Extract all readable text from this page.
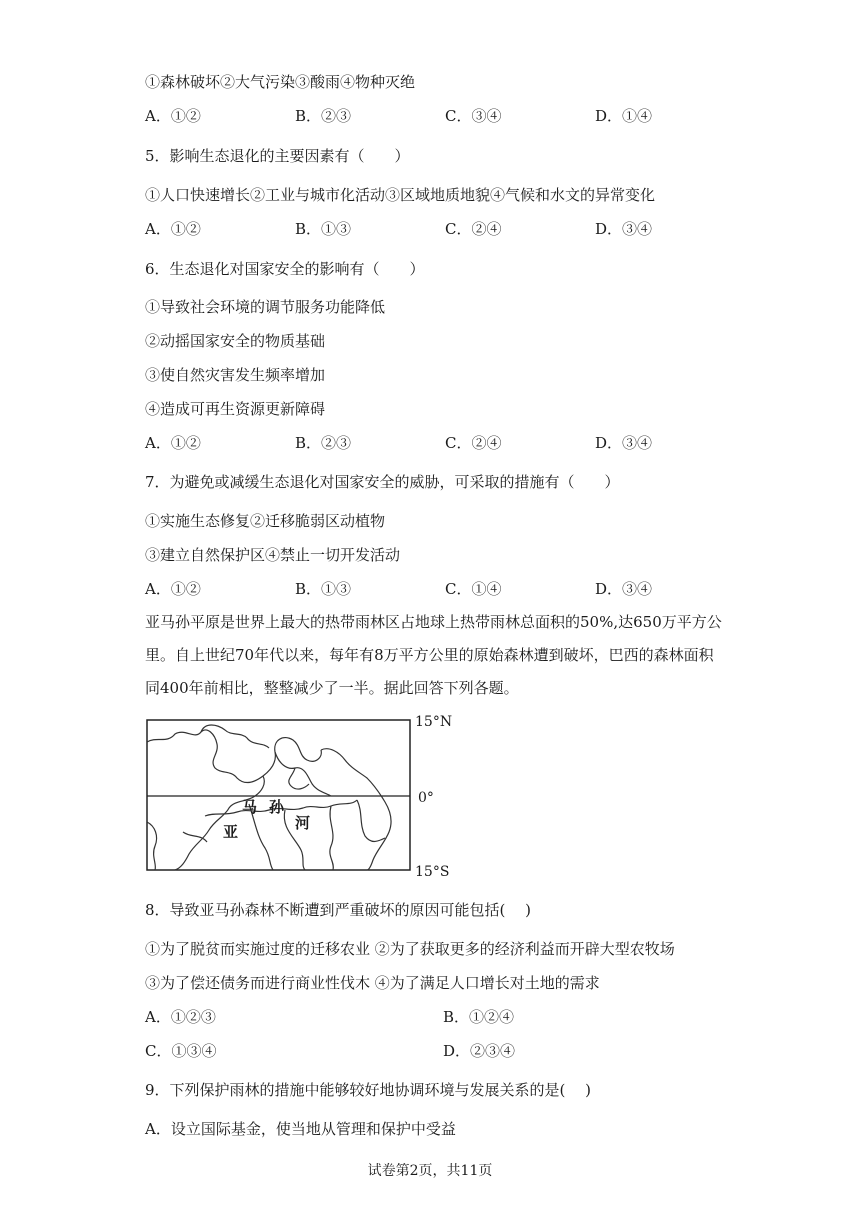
①森林破坏②大气污染③酸雨④物种灭绝
A．①②	B．②③	C．③④	D．①④
5．影响生态退化的主要因素有（　　）
①人口快速增长②工业与城市化活动③区域地质地貌④气候和水文的异常变化
A．①②	B．①③	C．②④	D．③④
6．生态退化对国家安全的影响有（　　）
①导致社会环境的调节服务功能降低
②动摇国家安全的物质基础
③使自然灾害发生频率增加
④造成可再生资源更新障碍
A．①②	B．②③	C．②④	D．③④
7．为避免或减缓生态退化对国家安全的威胁，可采取的措施有（　　）
①实施生态修复②迁移脆弱区动植物
③建立自然保护区④禁止一切开发活动
A．①②	B．①③	C．①④	D．③④
亚马孙平原是世界上最大的热带雨林区占地球上热带雨林总面积的50%,达650万平方公里。自上世纪70年代以来，每年有8万平方公里的原始森林遭到破坏，巴西的森林面积同400年前相比，整整减少了一半。据此回答下列各题。
15°N
0°
15°S
马 孙
亚	河
8．导致亚马孙森林不断遭到严重破坏的原因可能包括(　 )
①为了脱贫而实施过度的迁移农业 ②为了获取更多的经济利益而开辟大型农牧场
③为了偿还债务而进行商业性伐木 ④为了满足人口增长对土地的需求
A．①②③	B．①②④
C．①③④	D．②③④
9．下列保护雨林的措施中能够较好地协调环境与发展关系的是(　 )
A．设立国际基金，使当地从管理和保护中受益
试卷第2页，共11页
